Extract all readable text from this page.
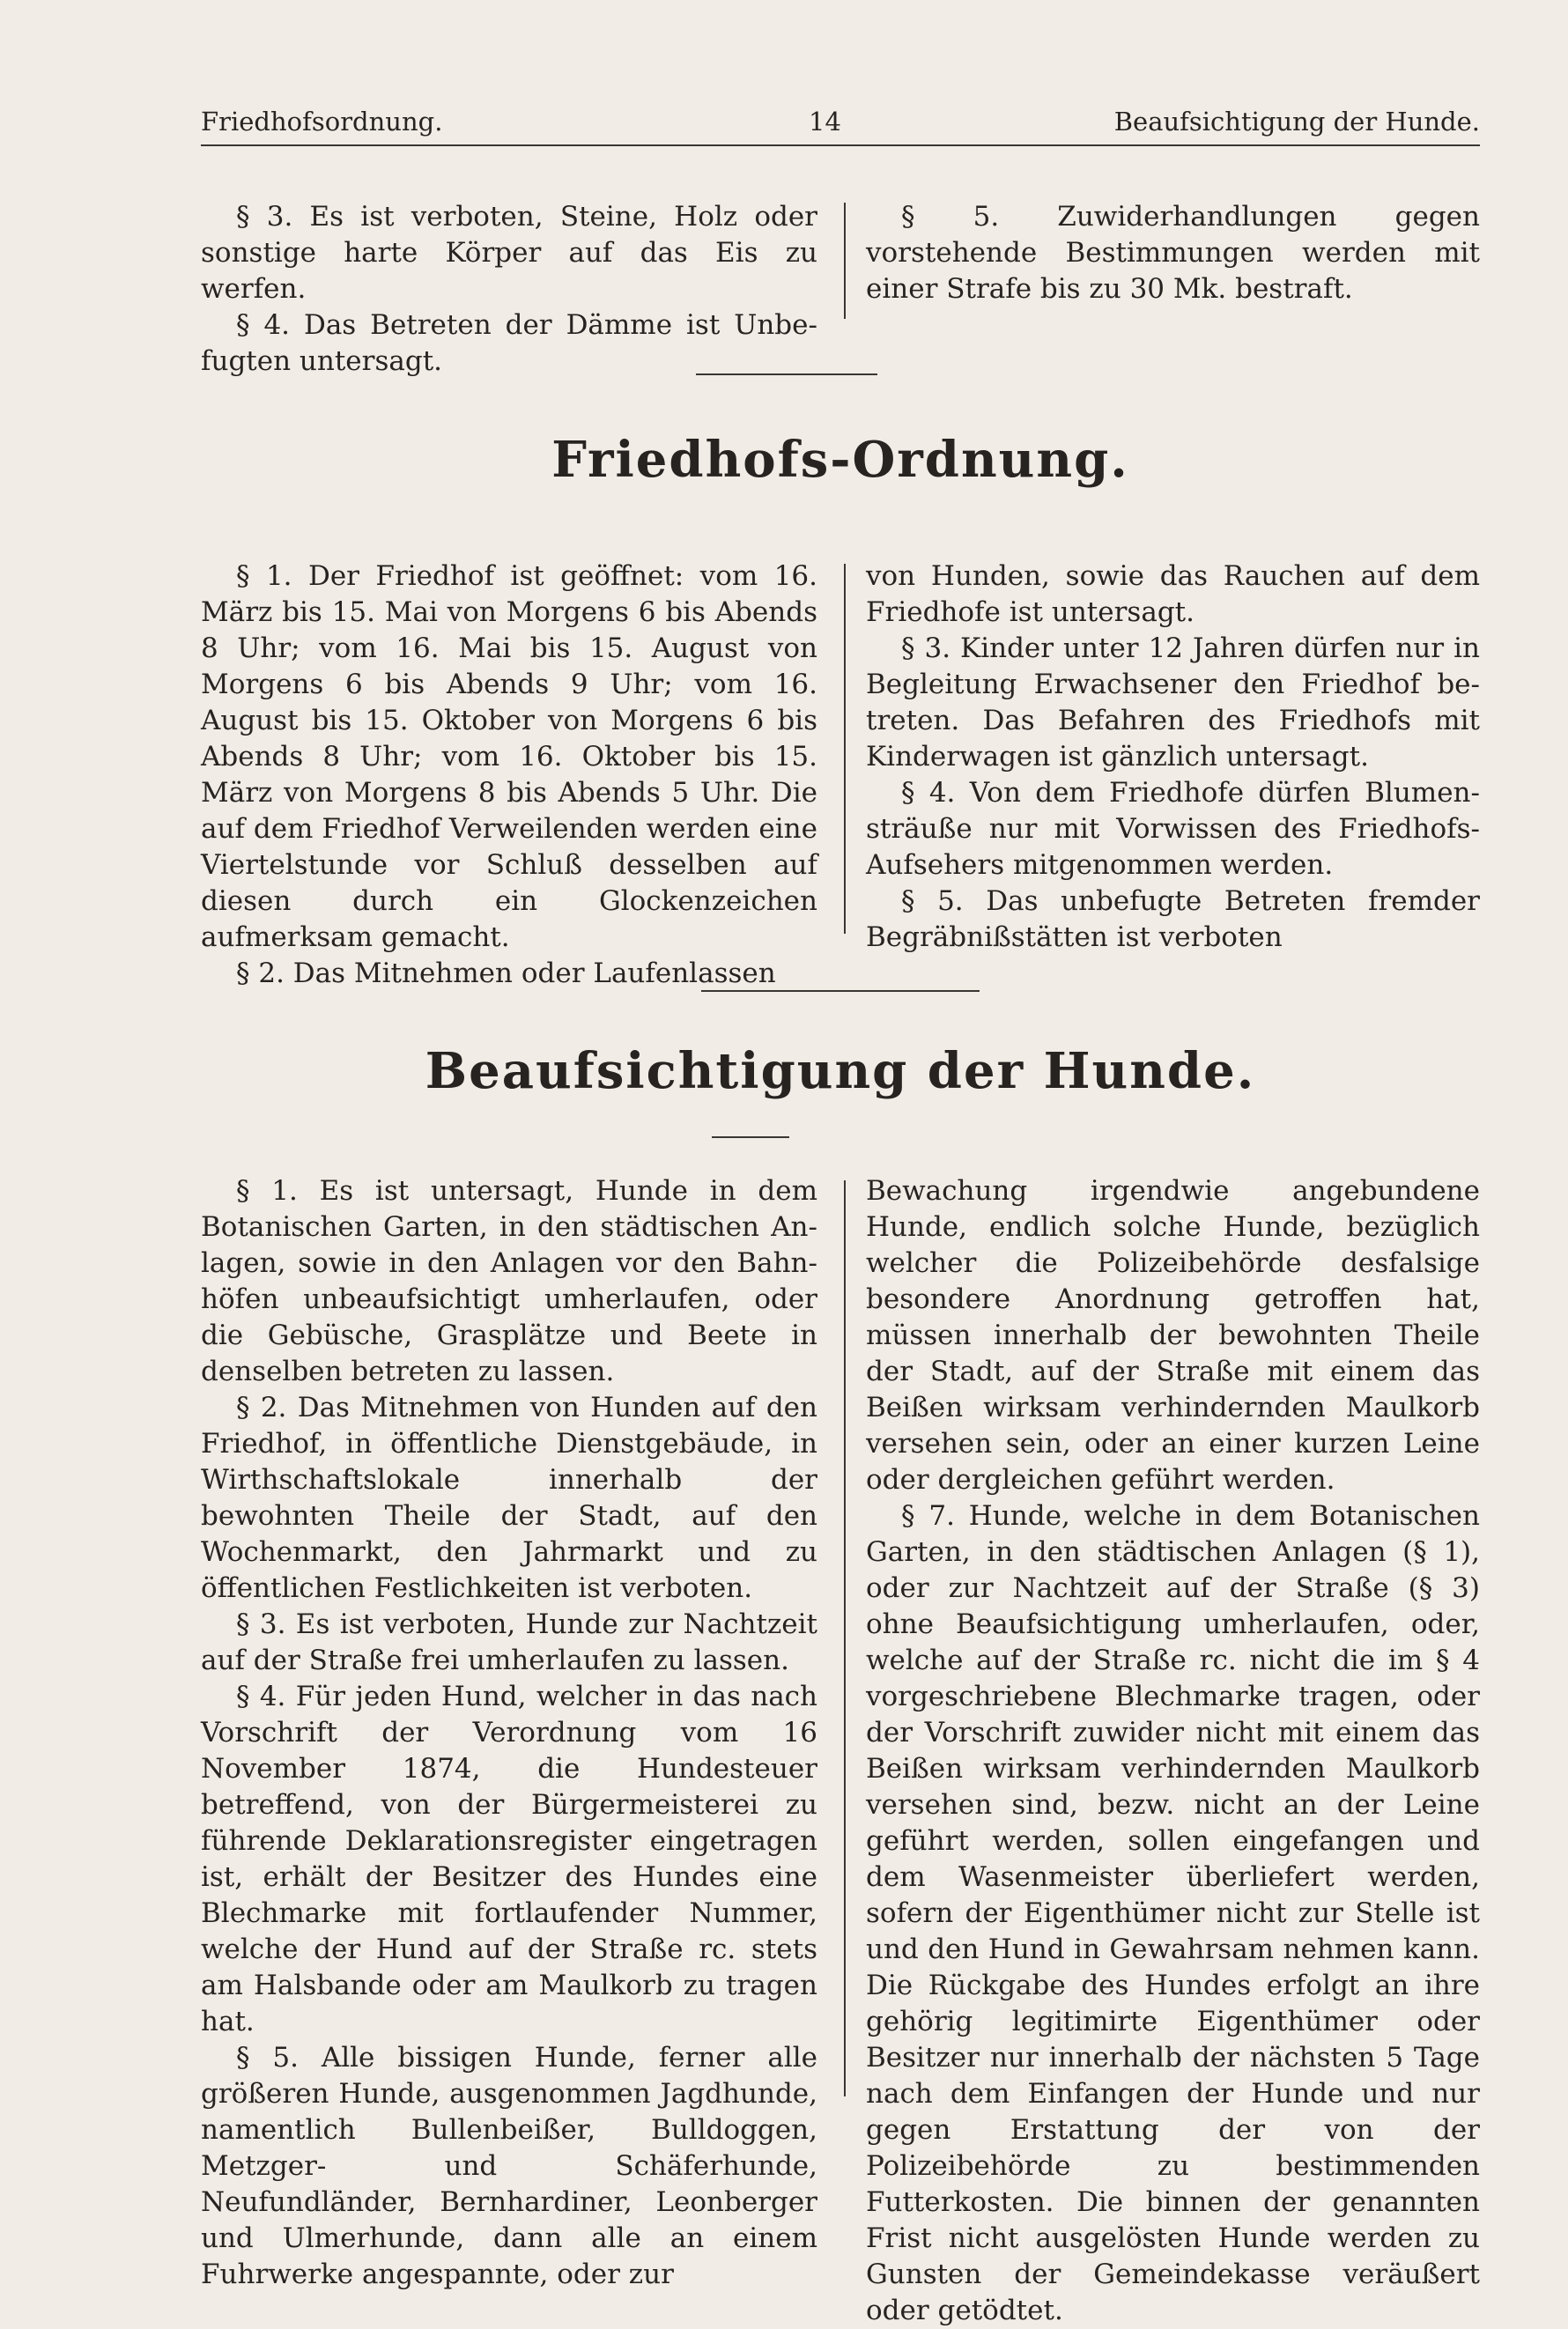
Friedhofsordnung.	14	Beaufsichtigung der Hunde.

§ 3. Es ist verboten, Steine, Holz oder sonstige harte Körper auf das Eis zu werfen.

§ 4. Das Betreten der Dämme ist Unbefugten untersagt.

§ 5. Zuwiderhandlungen gegen vorstehende Bestimmungen werden mit einer Strafe bis zu 30 Mk. bestraft.

Friedhofs-Ordnung.

§ 1. Der Friedhof ist geöffnet: vom 16. März bis 15. Mai von Morgens 6 bis Abends 8 Uhr; vom 16. Mai bis 15. August von Morgens 6 bis Abends 9 Uhr; vom 16. August bis 15. Oktober von Morgens 6 bis Abends 8 Uhr; vom 16. Oktober bis 15. März von Morgens 8 bis Abends 5 Uhr. Die auf dem Friedhof Verweilenden werden eine Viertelstunde vor Schluß desselben auf diesen durch ein Glockenzeichen aufmerksam gemacht.

§ 2. Das Mitnehmen oder Laufenlassen

von Hunden, sowie das Rauchen auf dem Friedhofe ist untersagt.

§ 3. Kinder unter 12 Jahren dürfen nur in Begleitung Erwachsener den Friedhof betreten. Das Befahren des Friedhofs mit Kinderwagen ist gänzlich untersagt.

§ 4. Von dem Friedhofe dürfen Blumensträuße nur mit Vorwissen des Friedhofs-Aufsehers mitgenommen werden.

§ 5. Das unbefugte Betreten fremder Begräbnißstätten ist verboten

Beaufsichtigung der Hunde.

§ 1. Es ist untersagt, Hunde in dem Botanischen Garten, in den städtischen Anlagen, sowie in den Anlagen vor den Bahnhöfen unbeaufsichtigt umherlaufen, oder die Gebüsche, Grasplätze und Beete in denselben betreten zu lassen.

§ 2. Das Mitnehmen von Hunden auf den Friedhof, in öffentliche Dienstgebäude, in Wirthschaftslokale innerhalb der bewohnten Theile der Stadt, auf den Wochenmarkt, den Jahrmarkt und zu öffentlichen Festlichkeiten ist verboten.

§ 3. Es ist verboten, Hunde zur Nachtzeit auf der Straße frei umherlaufen zu lassen.

§ 4. Für jeden Hund, welcher in das nach Vorschrift der Verordnung vom 16 November 1874, die Hundesteuer betreffend, von der Bürgermeisterei zu führende Deklarationsregister eingetragen ist, erhält der Besitzer des Hundes eine Blechmarke mit fortlaufender Nummer, welche der Hund auf der Straße rc. stets am Halsbande oder am Maulkorb zu tragen hat.

§ 5. Alle bissigen Hunde, ferner alle größeren Hunde, ausgenommen Jagdhunde, namentlich Bullenbeißer, Bulldoggen, Metzger- und Schäferhunde, Neufundländer, Bernhardiner, Leonberger und Ulmerhunde, dann alle an einem Fuhrwerke angespannte, oder zur

Bewachung irgendwie angebundene Hunde, endlich solche Hunde, bezüglich welcher die Polizeibehörde desfalsige besondere Anordnung getroffen hat, müssen innerhalb der bewohnten Theile der Stadt, auf der Straße mit einem das Beißen wirksam verhindernden Maulkorb versehen sein, oder an einer kurzen Leine oder dergleichen geführt werden.

§ 7. Hunde, welche in dem Botanischen Garten, in den städtischen Anlagen (§ 1), oder zur Nachtzeit auf der Straße (§ 3) ohne Beaufsichtigung umherlaufen, oder, welche auf der Straße rc. nicht die im § 4 vorgeschriebene Blechmarke tragen, oder der Vorschrift zuwider nicht mit einem das Beißen wirksam verhindernden Maulkorb versehen sind, bezw. nicht an der Leine geführt werden, sollen eingefangen und dem Wasenmeister überliefert werden, sofern der Eigenthümer nicht zur Stelle ist und den Hund in Gewahrsam nehmen kann. Die Rückgabe des Hundes erfolgt an ihre gehörig legitimirte Eigenthümer oder Besitzer nur innerhalb der nächsten 5 Tage nach dem Einfangen der Hunde und nur gegen Erstattung der von der Polizeibehörde zu bestimmenden Futterkosten. Die binnen der genannten Frist nicht ausgelösten Hunde werden zu Gunsten der Gemeindekasse veräußert oder getödtet.
